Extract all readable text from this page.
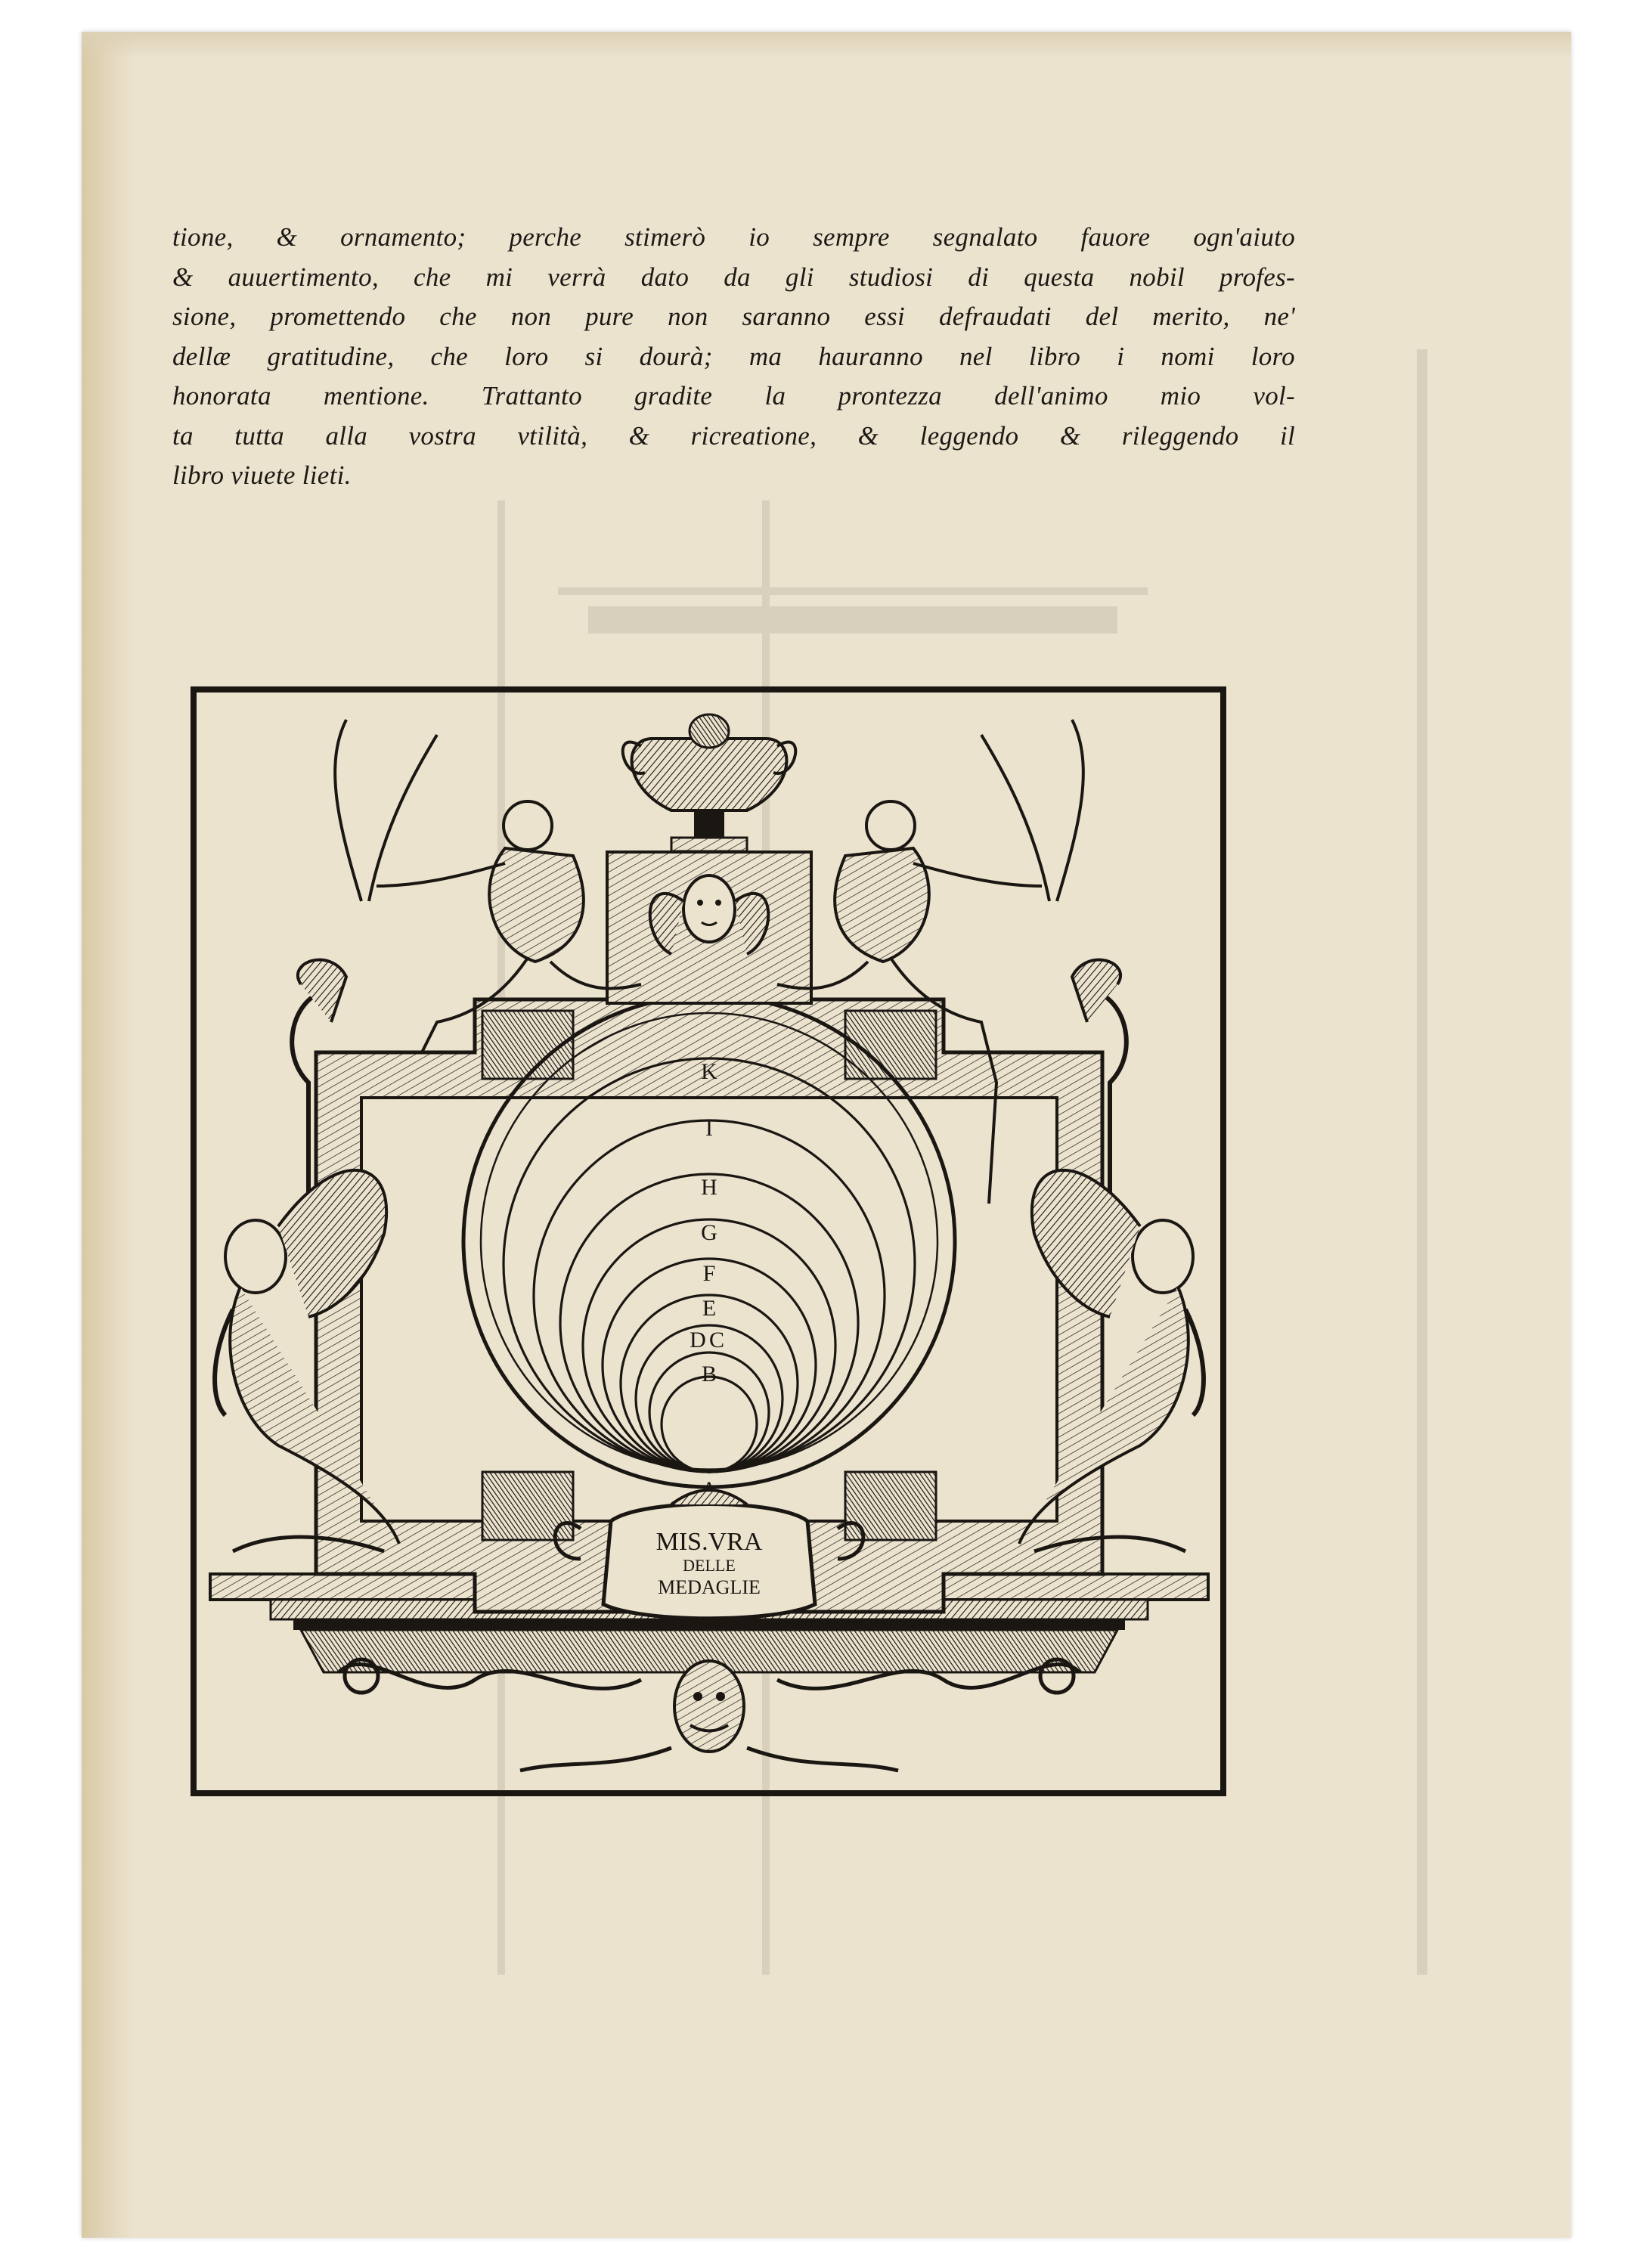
tione, & ornamento; perche stimerò io sempre segnalato fauore ogn'aiuto
& auuertimento, che mi verrà dato da gli studiosi di questa nobil profes-
sione, promettendo che non pure non saranno essi defraudati del merito, ne'
dellæ gratitudine, che loro si dourà; ma hauranno nel libro i nomi loro
honorata mentione. Trattanto gradite la prontezza dell'animo mio vol-
ta tutta alla vostra vtilità, & ricreatione, & leggendo & rileggendo il
libro viuete lieti.
K
I
H
G
F
E
D C
B
MIS.VRA
DELLE
MEDAGLIE
